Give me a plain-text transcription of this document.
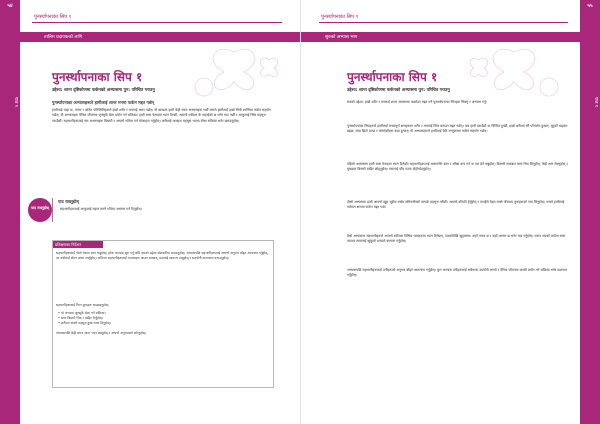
५४
पाठ १
पुनर्स्थापनाका सिप १
तालिम प्रदायकको लागि
पुनर्स्थापनाका सिप १
उद्देश्य: शान्त दृष्टिकोणमा फर्कनको अभ्यासमा पुन: परिचित गराउनु
पुनर्स्थापनाका अभ्यासहरूले हामीलाई शान्त मनमा फर्कन मद्दत गर्छन्
हामीलाई थाहा छ, तनाव र कठिन परिस्थितिहरूले हाम्रो शरीर र मनलाई असर गर्छन्। यो खण्डमा हामी केही सरल अभ्यासहरू गर्छौं जसले हामीलाई हाम्रो भित्री शान्तिमा फर्कन सहयोग गर्छन्। यी अभ्यासहरू दैनिक जीवनमा जुनसुकै बेला प्रयोग गर्न सकिन्छ। हामी सास फेराइमा ध्यान दिन्छौं, आफ्नो शरीरमा के भइरहेको छ भनेर याद गर्छौं र आफूलाई स्थिर महसुस गराउँछौं। सहभागीहरूलाई यस अभ्यासहरू बिस्तारै र आफ्नो गतिमा गर्न प्रोत्साहन गर्नुहोस्। कसैलाई असहज महसुस भएमा रोक्न सकिन्छ भनेर बताउनुहोस्।
याद राख्नुहोस्
याद राख्नुहोस्
सहभागीहरूलाई आफूलाई सहज लाग्ने गतिमा अभ्यास गर्न दिनुहोस्।
प्रशिक्षणका निर्देशन
सहभागीहरूलाई गोलो घेरामा बस्न भन्नुहोस्। हरेक अभ्यास सुरु गर्नु अघि यसको उद्देश्य छोटकरीमा बताउनुहोस्। अभ्यासपछि सहभागीहरूलाई आफ्नो अनुभव बाँड्न आमन्त्रण गर्नुहोस्, तर कसैलाई बोल्न बाध्य नगर्नुहोस्। कतिपय सहभागीहरूलाई भावनाहरू आउन सक्छन्; यसलाई सामान्य मान्नुहोस् र सहयोगी वातावरण बनाउनुहोस्।
सहभागीहरूलाई निम्न कुराहरू सम्झाउनुहोस्:
• यो अभ्यास जुनसुकै बेला गर्न सकिन्छ।
• सास बिस्तारै भित्र र बाहिर फेर्नुहोस्।
• शरीरमा कस्तो महसुस हुन्छ ध्यान दिनुहोस्।
अभ्यासपछि केही समय शान्त भएर बस्नुहोस् र आफ्नो अनुभवबारे सोच्नुहोस्।
५५
पाठ १
पुनर्स्थापनाका सिप १
सुरुको अभ्यास भाग
पुनर्स्थापनाका सिप १
उद्देश्य: शान्त दृष्टिकोणमा फर्कनको अभ्यासमा पुन: परिचित गराउनु
सत्रको उद्देश्य: हाम्रो शरीर र मनलाई शान्त अवस्थामा फर्काउन मद्दत गर्ने पुनर्स्थापनाका सिपहरू सिक्नु र अभ्यास गर्नु।
पुनर्स्थापनाका सिपहरूले हामीलाई तनावपूर्ण क्षणहरूमा शरीर र मनलाई स्थिर बनाउन मद्दत गर्छन्। जब हामी डराउँछौं वा चिन्तित हुन्छौं, हाम्रो शरीरमा धेरै परिवर्तन हुन्छन्: मुटुको धड्कन बढ्छ, सास छिटो चल्छ र मांसपेशीहरू कडा हुन्छन्। यी अभ्यासहरूले हामीलाई फेरि सन्तुलनमा फर्कन सहयोग गर्छन्।
पहिलो अभ्यासमा हामी सास फेराइमा ध्यान दिनेछौं। सहभागीहरूलाई आरामसँग बस्न र आँखा बन्द गर्न वा तल हेर्न भन्नुहोस्। बिस्तारै नाकबाट सास भित्र लिनुहोस्, केही क्षण रोक्नुहोस् र मुखबाट बिस्तारै बाहिर छोड्नुहोस्। यसलाई पाँच पटक दोहोर्याउनुहोस्।
दोस्रो अभ्यासमा हामी आफ्नो खुट्टा भुइँमा राखेर जमिनसँगको सम्पर्क महसुस गर्नेछौं। आफ्नो वरिपरि हेर्नुहोस् र तपाईंले देख्न सक्ने पाँचवटा कुराहरूको नाम लिनुहोस्। यसले हामीलाई वर्तमान क्षणमा फर्कन मद्दत गर्छ।
तेस्रो अभ्यासमा सहभागीहरूले आफ्नो शरीरका विभिन्न भागहरूमा ध्यान दिनेछन्, टाउकोदेखि खुट्टासम्म। कहाँ तनाव छ र कहाँ आराम छ भनेर याद गर्नुहोस्। तनाव भएको ठाउँमा सास पठाएर त्यसलाई खुकुलो बनाउने कल्पना गर्नुहोस्।
अभ्यासपछि सहभागीहरूलाई उनीहरूको अनुभव बाँड्न आमन्त्रण गर्नुहोस्। कुन अभ्यास उनीहरूलाई सबैभन्दा उपयोगी लाग्यो र दैनिक जीवनमा कसरी प्रयोग गर्न सकिन्छ भनेर छलफल गर्नुहोस्।
